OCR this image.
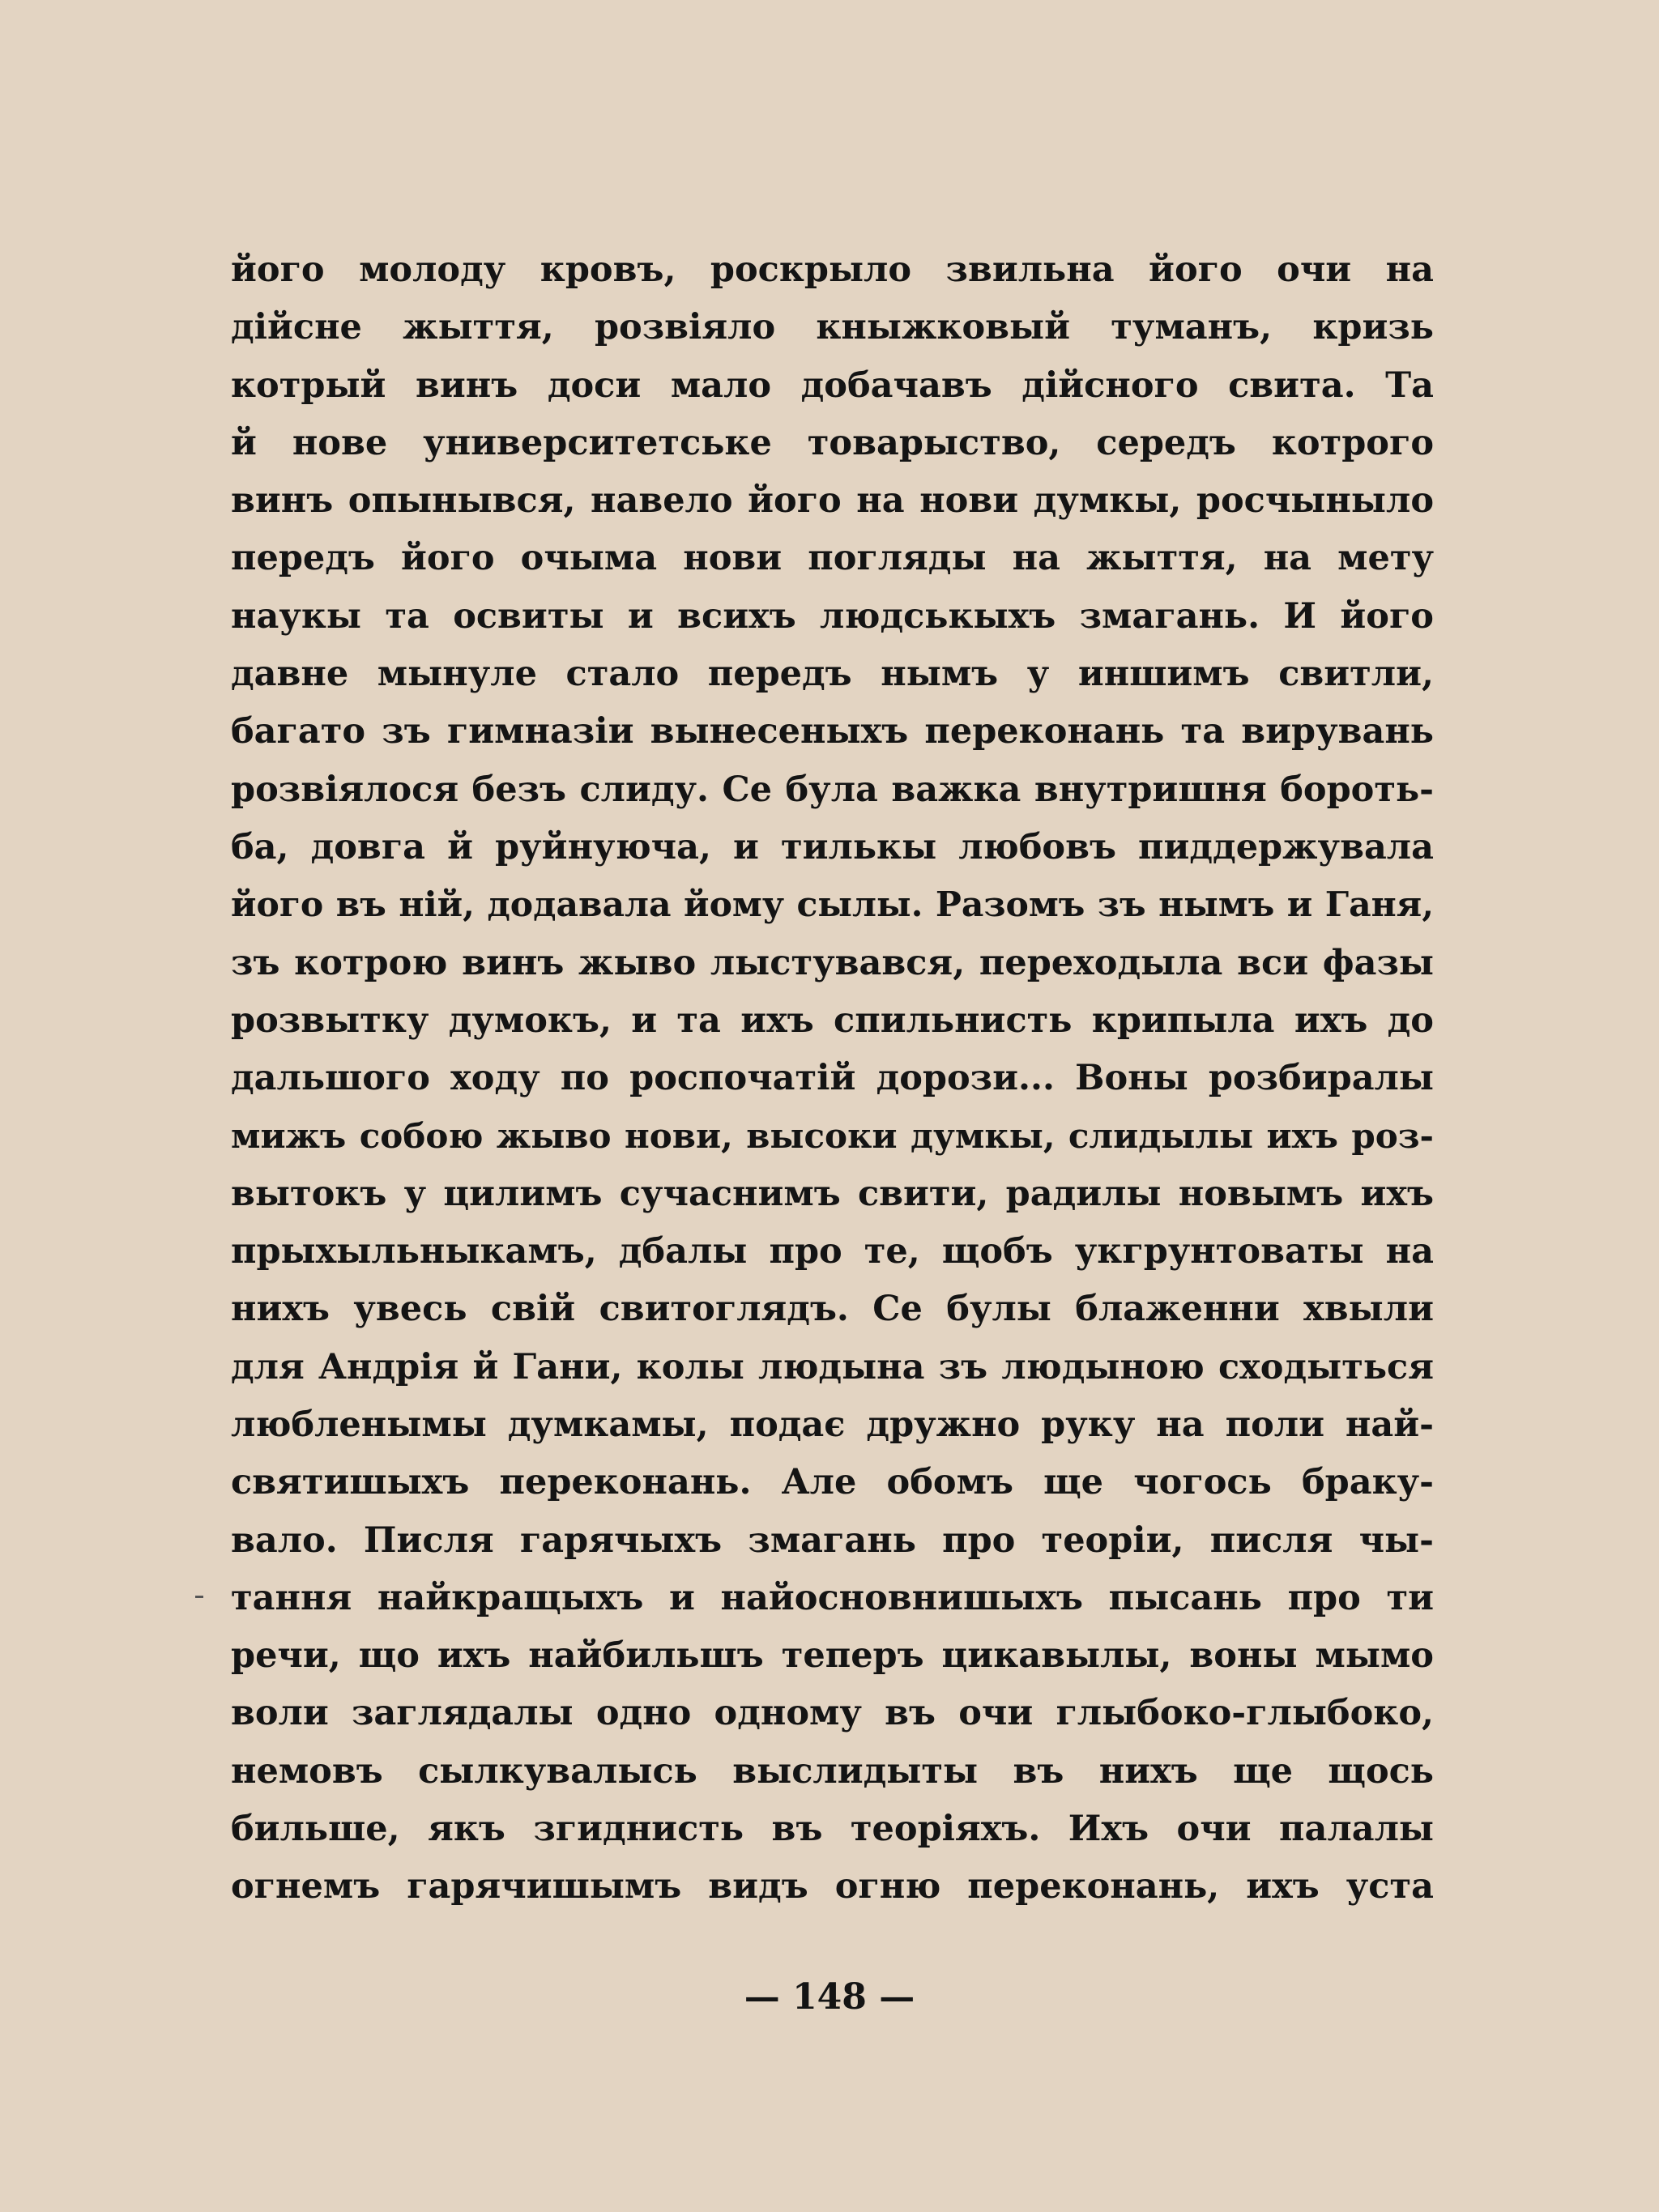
його молоду кровъ, роскрыло звильна його очи на
дійсне жыття, розвіяло кныжковый туманъ, кризь
котрый винъ доси мало добачавъ дійсного свита. Та
й нове университетське товарыство, середъ котрого
винъ опынывся, навело його на нови думкы, росчыныло
передъ його очыма нови погляды на жыття, на мету
наукы та освиты и всихъ людськыхъ змагань. И його
давне мынуле стало передъ нымъ у иншимъ свитли,
багато зъ гимназіи вынесеныхъ переконань та вирувань
розвіялося безъ слиду. Се була важка внутришня бороть-
ба, довга й руйнуюча, и тилькы любовъ пиддержувала
його въ ній, додавала йому сылы. Разомъ зъ нымъ и Ганя,
зъ котрою винъ жыво лыстувався, переходыла вси фазы
розвытку думокъ, и та ихъ спильнисть крипыла ихъ до
дальшого ходу по роспочатій дорози... Воны розбиралы
мижъ собою жыво нови, высоки думкы, слидылы ихъ роз-
вытокъ у цилимъ сучаснимъ свити, радилы новымъ ихъ
прыхыльныкамъ, дбалы про те, щобъ укгрунтоваты на
нихъ увесь свій свитоглядъ. Се булы блаженни хвыли
для Андрія й Гани, колы людына зъ людыною сходыться
любленымы думкамы, подає дружно руку на поли най-
святишыхъ переконань. Але обомъ ще чогось браку-
вало. Писля гарячыхъ змагань про теоріи, писля чы-
тання найкращыхъ и найосновнишыхъ пысань про ти
речи, що ихъ найбильшъ теперъ цикавылы, воны мымо
воли заглядалы одно одному въ очи глыбоко-глыбоко,
немовъ сылкувалысь выслидыты въ нихъ ще щось
бильше, якъ згиднисть въ теоріяхъ. Ихъ очи палалы
огнемъ гарячишымъ видъ огню переконань, ихъ уста
— 148 —
